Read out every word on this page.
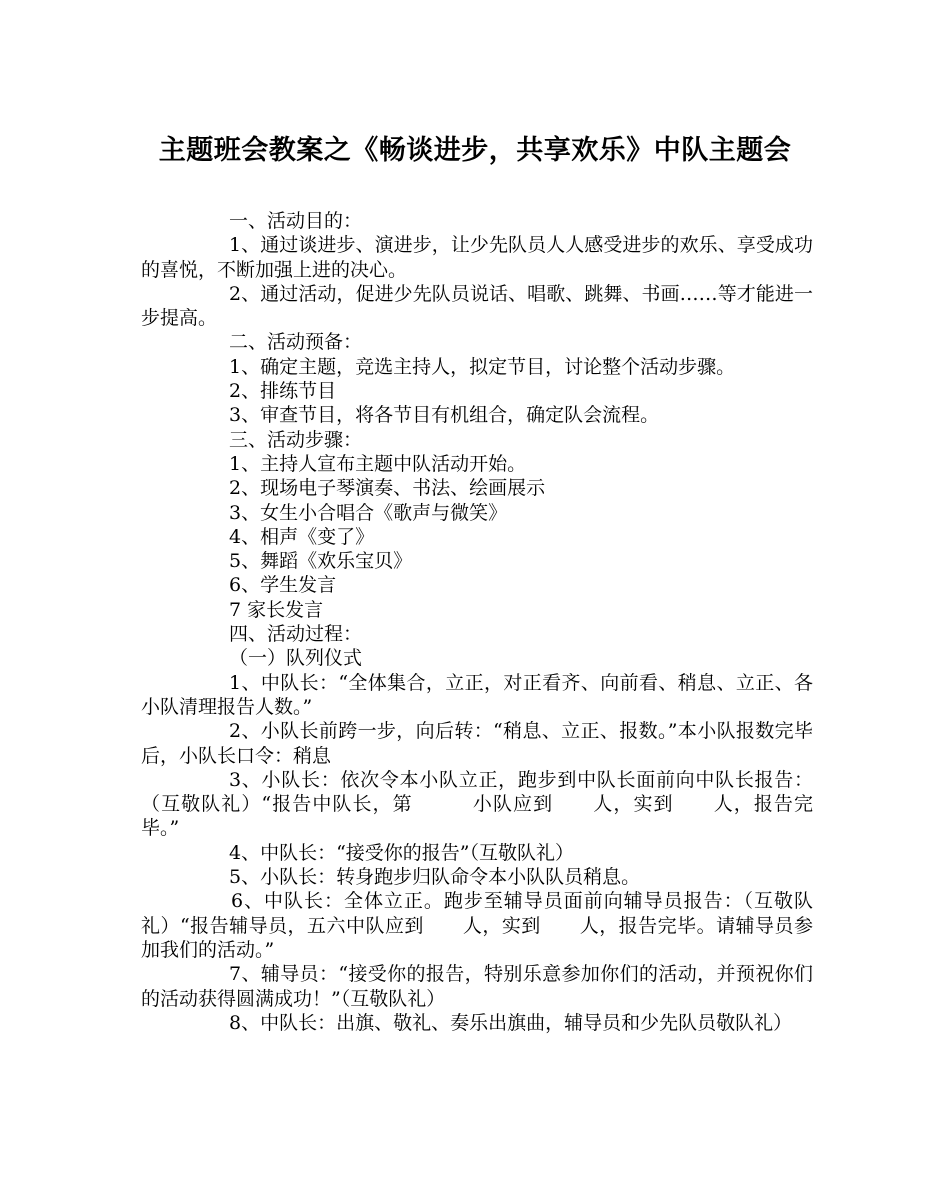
主题班会教案之《畅谈进步，共享欢乐》中队主题会

一、活动目的：

1、通过谈进步、演进步，让少先队员人人感受进步的欢乐、享受成功的喜悦，不断加强上进的决心。

2、通过活动，促进少先队员说话、唱歌、跳舞、书画……等才能进一步提高。

二、活动预备：

1、确定主题，竞选主持人，拟定节目，讨论整个活动步骤。

2、排练节目

3、审查节目，将各节目有机组合，确定队会流程。

三、活动步骤：

1、主持人宣布主题中队活动开始。

2、现场电子琴演奏、书法、绘画展示

3、女生小合唱合《歌声与微笑》

4、相声《变了》

5、舞蹈《欢乐宝贝》

6、学生发言

7 家长发言

四、活动过程：

（一）队列仪式

1、中队长：“全体集合，立正，对正看齐、向前看、稍息、立正、各小队清理报告人数。”

2、小队长前跨一步，向后转：“稍息、立正、报数。”本小队报数完毕后，小队长口令：稍息

3、小队长：依次令本小队立正，跑步到中队长面前向中队长报告：（互敬队礼）“报告中队长，第　　　小队应到　　人，实到　　人，报告完毕。”

4、中队长：“接受你的报告”（互敬队礼）

5、小队长：转身跑步归队命令本小队队员稍息。

6、中队长：全体立正。跑步至辅导员面前向辅导员报告：（互敬队礼）“报告辅导员，五六中队应到　　人，实到　　人，报告完毕。请辅导员参加我们的活动。”

7、辅导员：“接受你的报告，特别乐意参加你们的活动，并预祝你们的活动获得圆满成功！”（互敬队礼）

8、中队长：出旗、敬礼、奏乐出旗曲，辅导员和少先队员敬队礼）
